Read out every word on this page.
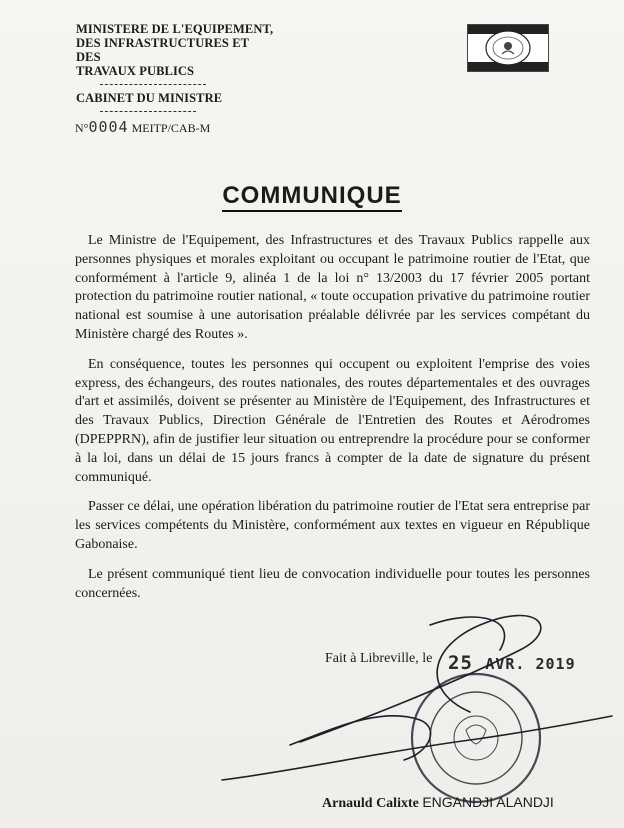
MINISTERE DE L'EQUIPEMENT,
DES INFRASTRUCTURES ET DES
TRAVAUX PUBLICS
CABINET DU MINISTRE
N°0004 MEITP/CAB-M
COMMUNIQUE

Le Ministre de l'Equipement, des Infrastructures et des Travaux Publics rappelle aux personnes physiques et morales exploitant ou occupant le patrimoine routier de l'Etat, que conformément à l'article 9, alinéa 1 de la loi n° 13/2003 du 17 février 2005 portant protection du patrimoine routier national, « toute occupation privative du patrimoine routier national est soumise à une autorisation préalable délivrée par les services compétant du Ministère chargé des Routes ».

En conséquence, toutes les personnes qui occupent ou exploitent l'emprise des voies express, des échangeurs, des routes nationales, des routes départementales et des ouvrages d'art et assimilés, doivent se présenter au Ministère de l'Equipement, des Infrastructures et des Travaux Publics, Direction Générale de l'Entretien des Routes et Aérodromes (DPEPPRN), afin de justifier leur situation ou entreprendre la procédure pour se conformer à la loi, dans un délai de 15 jours francs à compter de la date de signature du présent communiqué.

Passer ce délai, une opération libération du patrimoine routier de l'Etat sera entreprise par les services compétents du Ministère, conformément aux textes en vigueur en République Gabonaise.

Le présent communiqué tient lieu de convocation individuelle pour toutes les personnes concernées.

Fait à Libreville, le 25 AVR. 2019
Arnauld Calixte ENGANDJI ALANDJI
